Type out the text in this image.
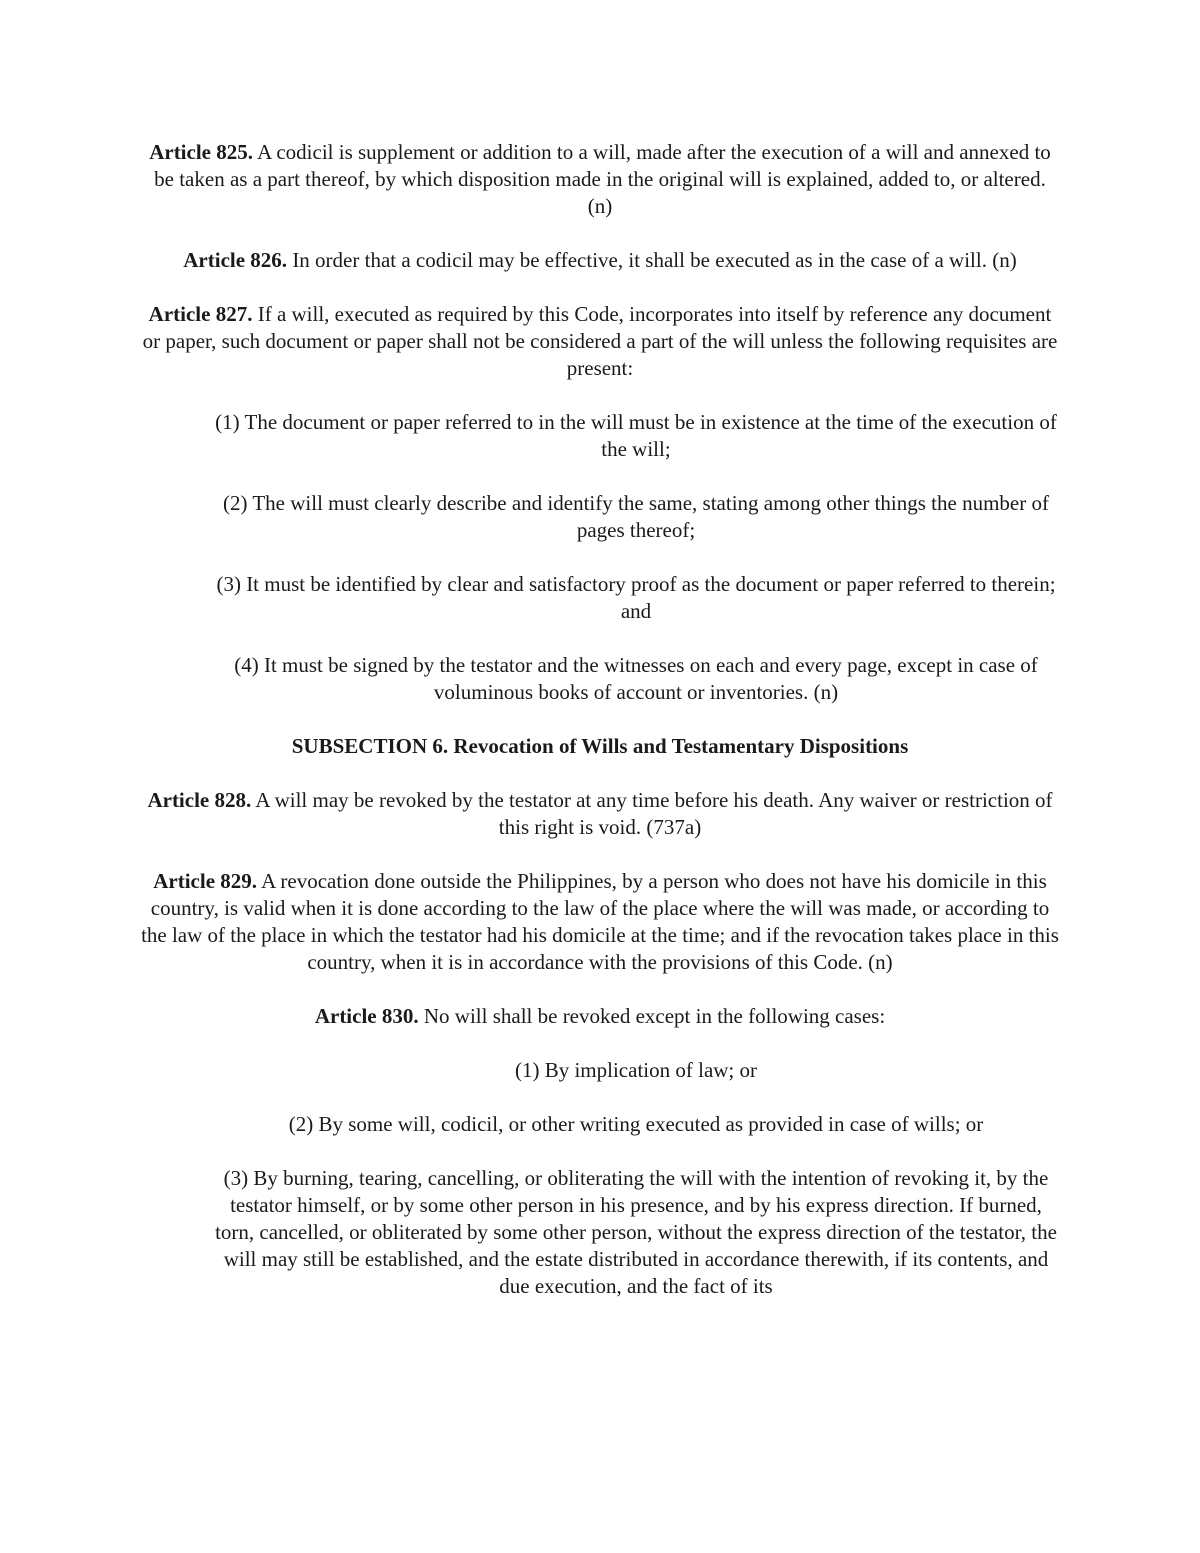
Article 825. A codicil is supplement or addition to a will, made after the execution of a will and annexed to be taken as a part thereof, by which disposition made in the original will is explained, added to, or altered. (n)

Article 826. In order that a codicil may be effective, it shall be executed as in the case of a will. (n)

Article 827. If a will, executed as required by this Code, incorporates into itself by reference any document or paper, such document or paper shall not be considered a part of the will unless the following requisites are present:

(1) The document or paper referred to in the will must be in existence at the time of the execution of the will;

(2) The will must clearly describe and identify the same, stating among other things the number of pages thereof;

(3) It must be identified by clear and satisfactory proof as the document or paper referred to therein; and

(4) It must be signed by the testator and the witnesses on each and every page, except in case of voluminous books of account or inventories. (n)

SUBSECTION 6. Revocation of Wills and Testamentary Dispositions

Article 828. A will may be revoked by the testator at any time before his death. Any waiver or restriction of this right is void. (737a)

Article 829. A revocation done outside the Philippines, by a person who does not have his domicile in this country, is valid when it is done according to the law of the place where the will was made, or according to the law of the place in which the testator had his domicile at the time; and if the revocation takes place in this country, when it is in accordance with the provisions of this Code. (n)

Article 830. No will shall be revoked except in the following cases:

(1) By implication of law; or

(2) By some will, codicil, or other writing executed as provided in case of wills; or

(3) By burning, tearing, cancelling, or obliterating the will with the intention of revoking it, by the testator himself, or by some other person in his presence, and by his express direction. If burned, torn, cancelled, or obliterated by some other person, without the express direction of the testator, the will may still be established, and the estate distributed in accordance therewith, if its contents, and due execution, and the fact of its
